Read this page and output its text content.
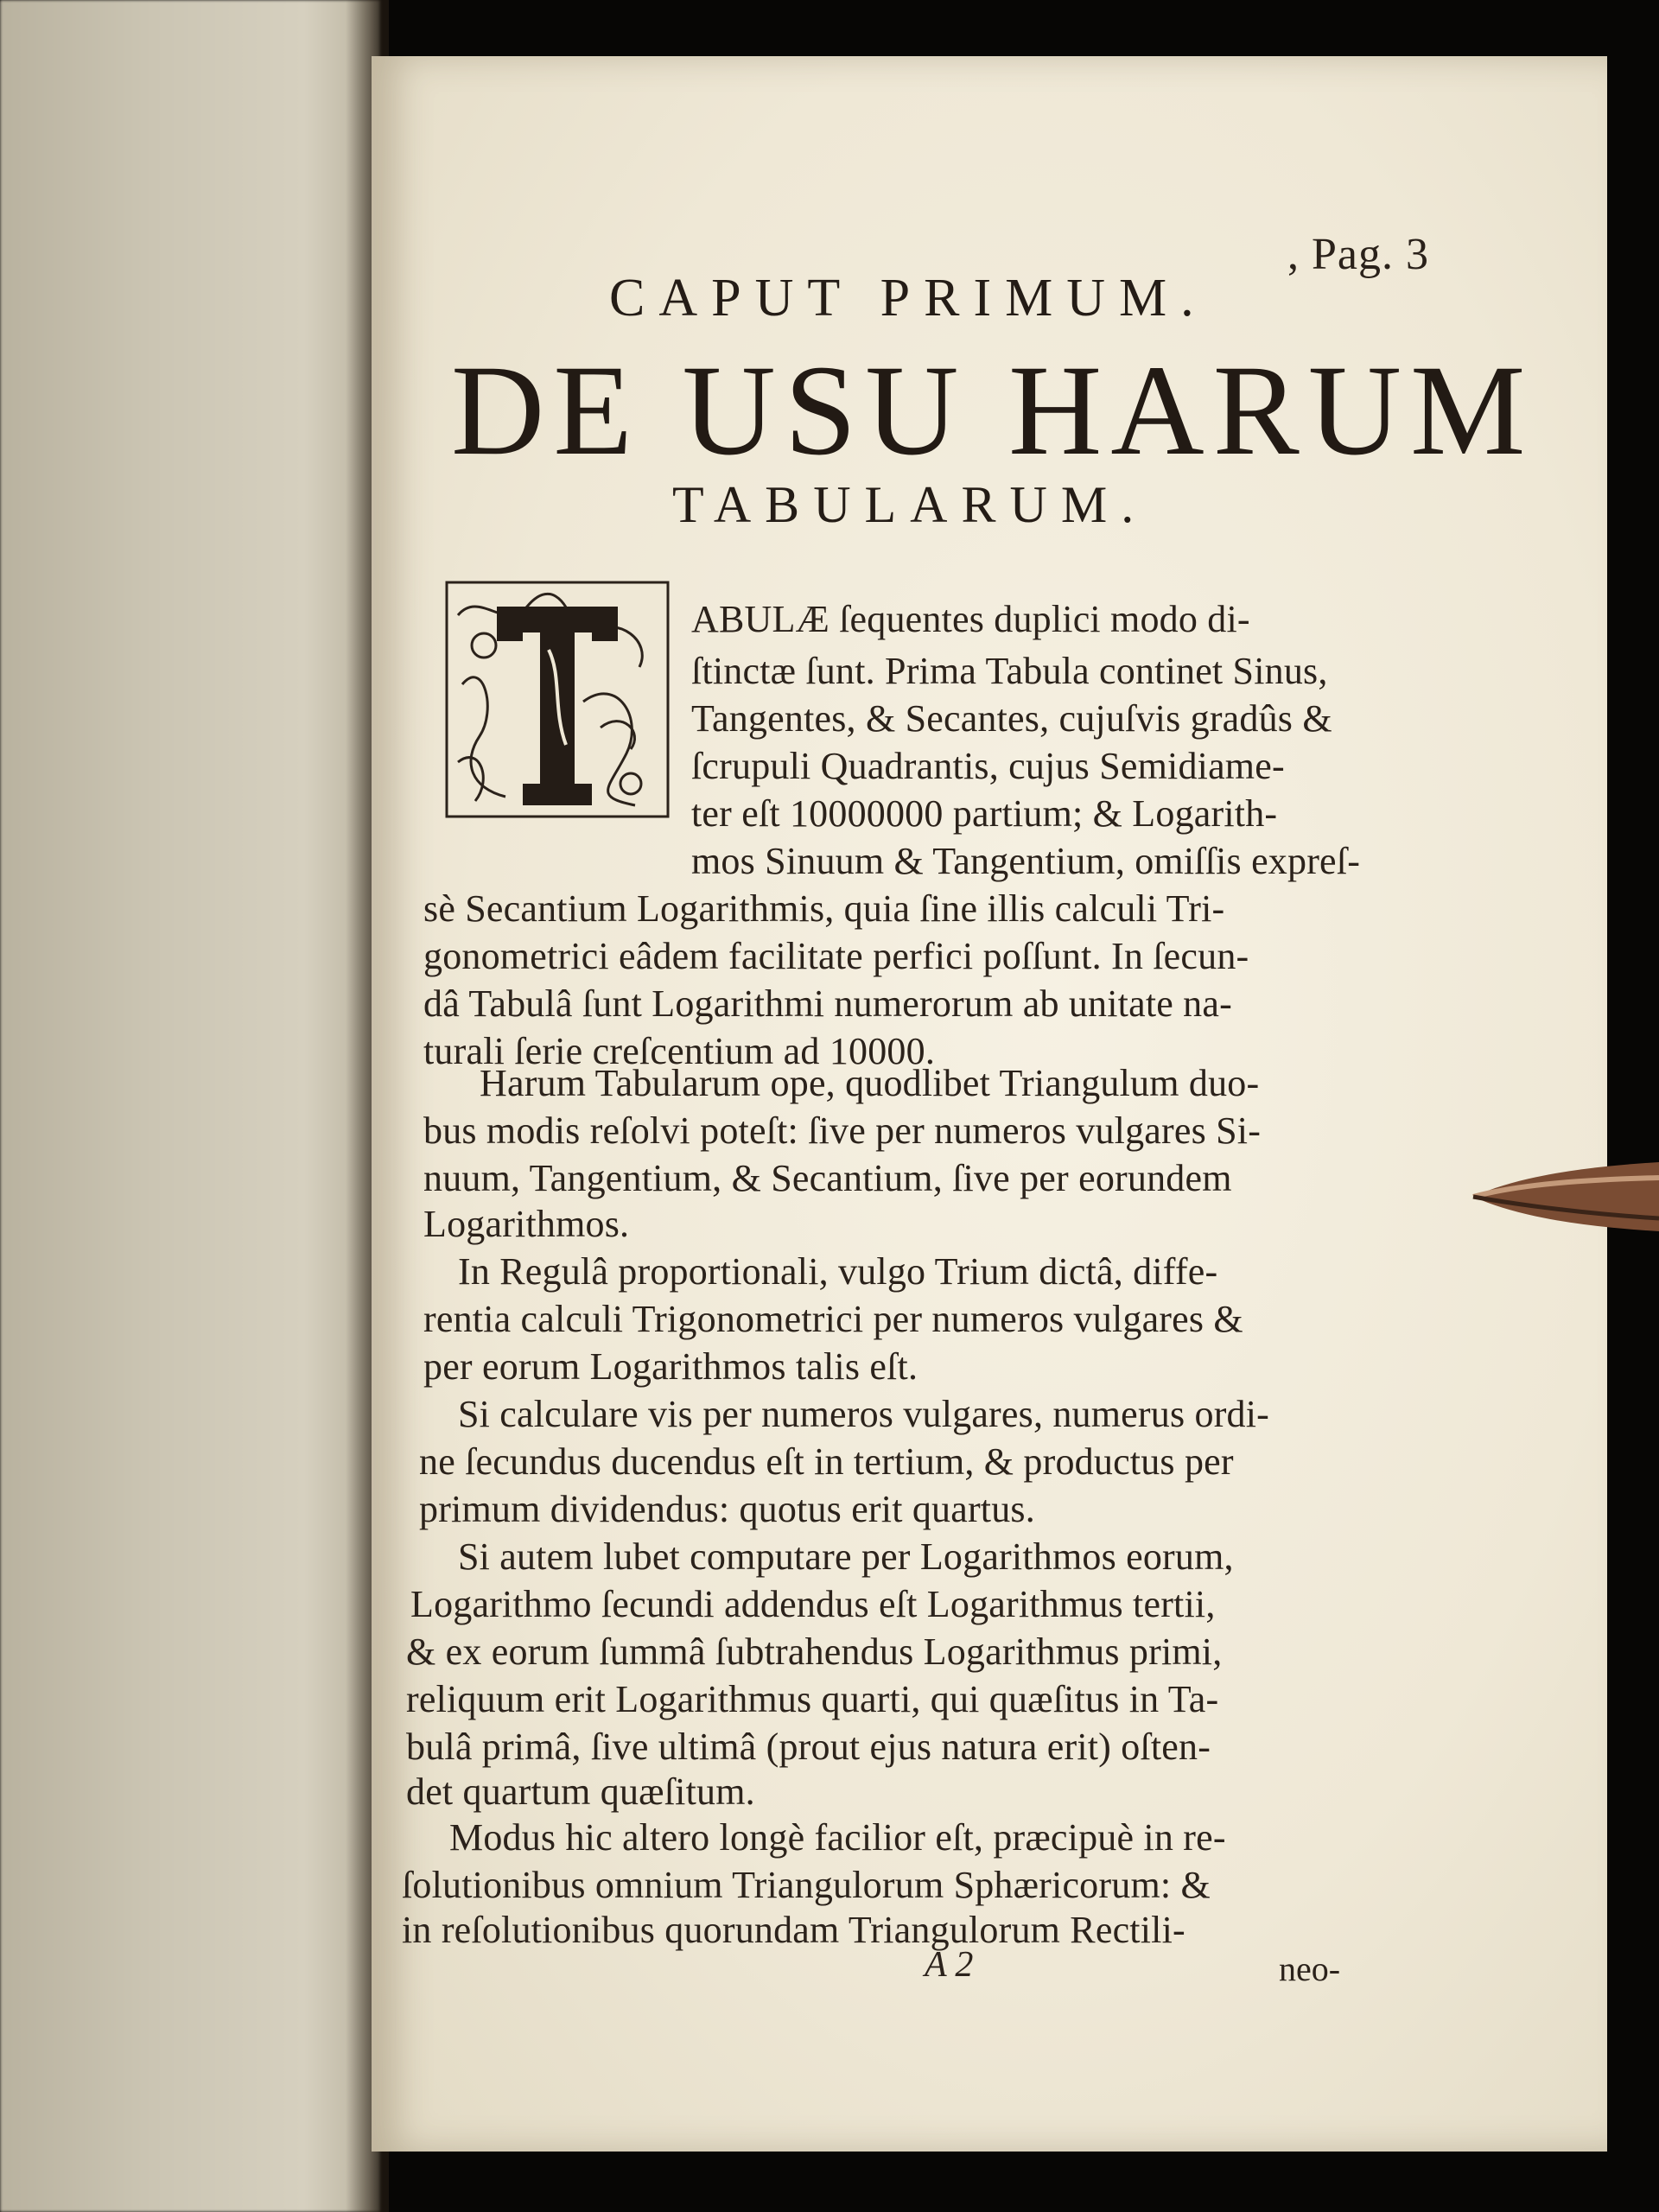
, Pag. 3
CAPUT PRIMUM.
DE USU HARUM
TABULARUM.
ABULÆ ſequentes duplici modo di-
ſtinctæ ſunt. Prima Tabula continet Sinus,
Tangentes, & Secantes, cujuſvis gradûs &
ſcrupuli Quadrantis, cujus Semidiame-
ter eſt 10000000 partium; & Logarith-
mos Sinuum & Tangentium, omiſſis expreſ-
sè Secantium Logarithmis, quia ſine illis calculi Tri-
gonometrici eâdem facilitate perfici poſſunt. In ſecun-
dâ Tabulâ ſunt Logarithmi numerorum ab unitate na-
turali ſerie creſcentium ad 10000.
Harum Tabularum ope, quodlibet Triangulum duo-
bus modis reſolvi poteſt: ſive per numeros vulgares Si-
nuum, Tangentium, & Secantium, ſive per eorundem
Logarithmos.
In Regulâ proportionali, vulgo Trium dictâ, diffe-
rentia calculi Trigonometrici per numeros vulgares &
per eorum Logarithmos talis eſt.
Si calculare vis per numeros vulgares, numerus ordi-
ne ſecundus ducendus eſt in tertium, & productus per
primum dividendus: quotus erit quartus.
Si autem lubet computare per Logarithmos eorum,
Logarithmo ſecundi addendus eſt Logarithmus tertii,
& ex eorum ſummâ ſubtrahendus Logarithmus primi,
reliquum erit Logarithmus quarti, qui quæſitus in Ta-
bulâ primâ, ſive ultimâ (prout ejus natura erit) oſten-
det quartum quæſitum.
Modus hic altero longè facilior eſt, præcipuè in re-
ſolutionibus omnium Triangulorum Sphæricorum: &
in reſolutionibus quorundam Triangulorum Rectili-
A 2	neo-
